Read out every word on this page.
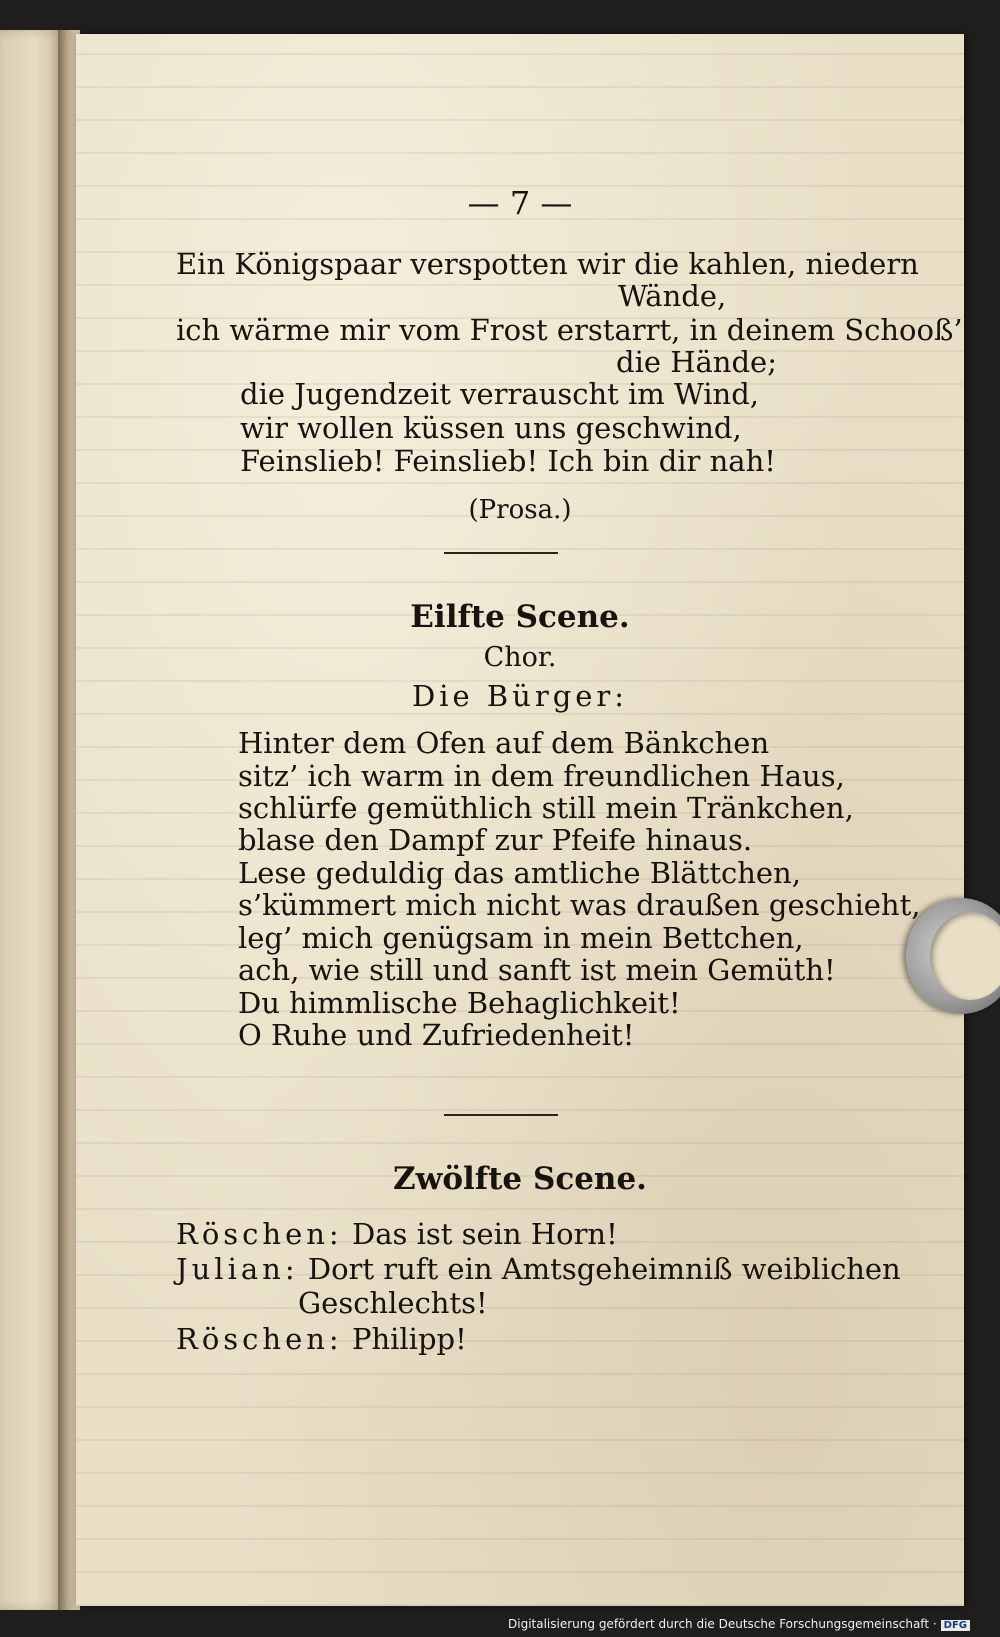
— 7 —
Ein Königspaar verspotten wir die kahlen, niedern
Wände,
ich wärme mir vom Frost erstarrt, in deinem Schooß’
die Hände;
die Jugendzeit verrauscht im Wind,
wir wollen küssen uns geschwind,
Feinslieb! Feinslieb! Ich bin dir nah!
(Prosa.)
Eilfte Scene.
Chor.
Die Bürger:
Hinter dem Ofen auf dem Bänkchen
sitz’ ich warm in dem freundlichen Haus,
schlürfe gemüthlich still mein Tränkchen,
blase den Dampf zur Pfeife hinaus.
Lese geduldig das amtliche Blättchen,
s’kümmert mich nicht was draußen geschieht,
leg’ mich genügsam in mein Bettchen,
ach, wie still und sanft ist mein Gemüth!
Du himmlische Behaglichkeit!
O Ruhe und Zufriedenheit!
Zwölfte Scene.
Röschen: Das ist sein Horn!
Julian: Dort ruft ein Amtsgeheimniß weiblichen
Geschlechts!
Röschen: Philipp!
Digitalisierung gefördert durch die Deutsche Forschungsgemeinschaft · DFG
